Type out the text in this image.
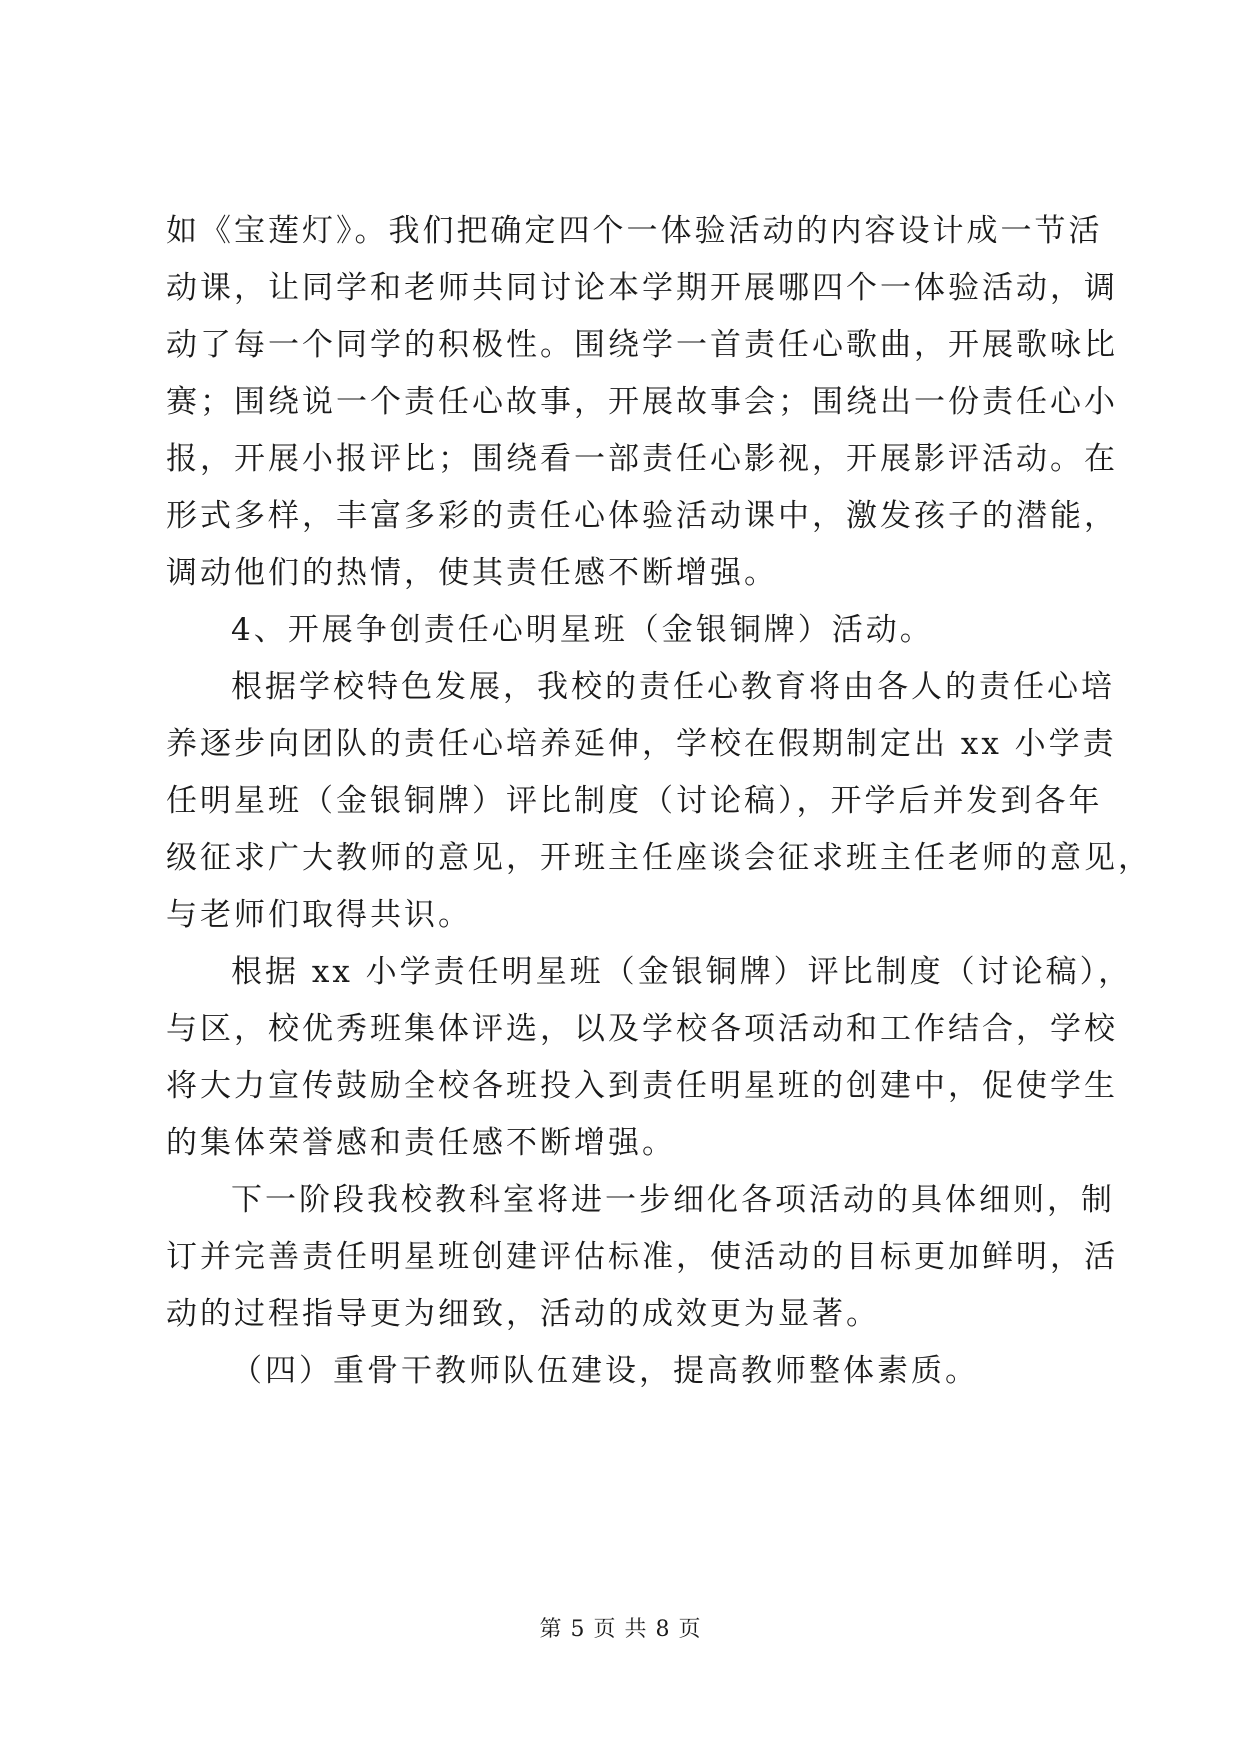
如《宝莲灯》。我们把确定四个一体验活动的内容设计成一节活
动课，让同学和老师共同讨论本学期开展哪四个一体验活动，调
动了每一个同学的积极性。围绕学一首责任心歌曲，开展歌咏比
赛；围绕说一个责任心故事，开展故事会；围绕出一份责任心小
报，开展小报评比；围绕看一部责任心影视，开展影评活动。在
形式多样，丰富多彩的责任心体验活动课中，激发孩子的潜能，
调动他们的热情，使其责任感不断增强。
4、开展争创责任心明星班（金银铜牌）活动。
根据学校特色发展，我校的责任心教育将由各人的责任心培
养逐步向团队的责任心培养延伸，学校在假期制定出 xx 小学责
任明星班（金银铜牌）评比制度（讨论稿），开学后并发到各年
级征求广大教师的意见，开班主任座谈会征求班主任老师的意见，
与老师们取得共识。
根据 xx 小学责任明星班（金银铜牌）评比制度（讨论稿），
与区，校优秀班集体评选，以及学校各项活动和工作结合，学校
将大力宣传鼓励全校各班投入到责任明星班的创建中，促使学生
的集体荣誉感和责任感不断增强。
下一阶段我校教科室将进一步细化各项活动的具体细则，制
订并完善责任明星班创建评估标准，使活动的目标更加鲜明，活
动的过程指导更为细致，活动的成效更为显著。
（四）重骨干教师队伍建设，提高教师整体素质。
第 5 页 共 8 页
